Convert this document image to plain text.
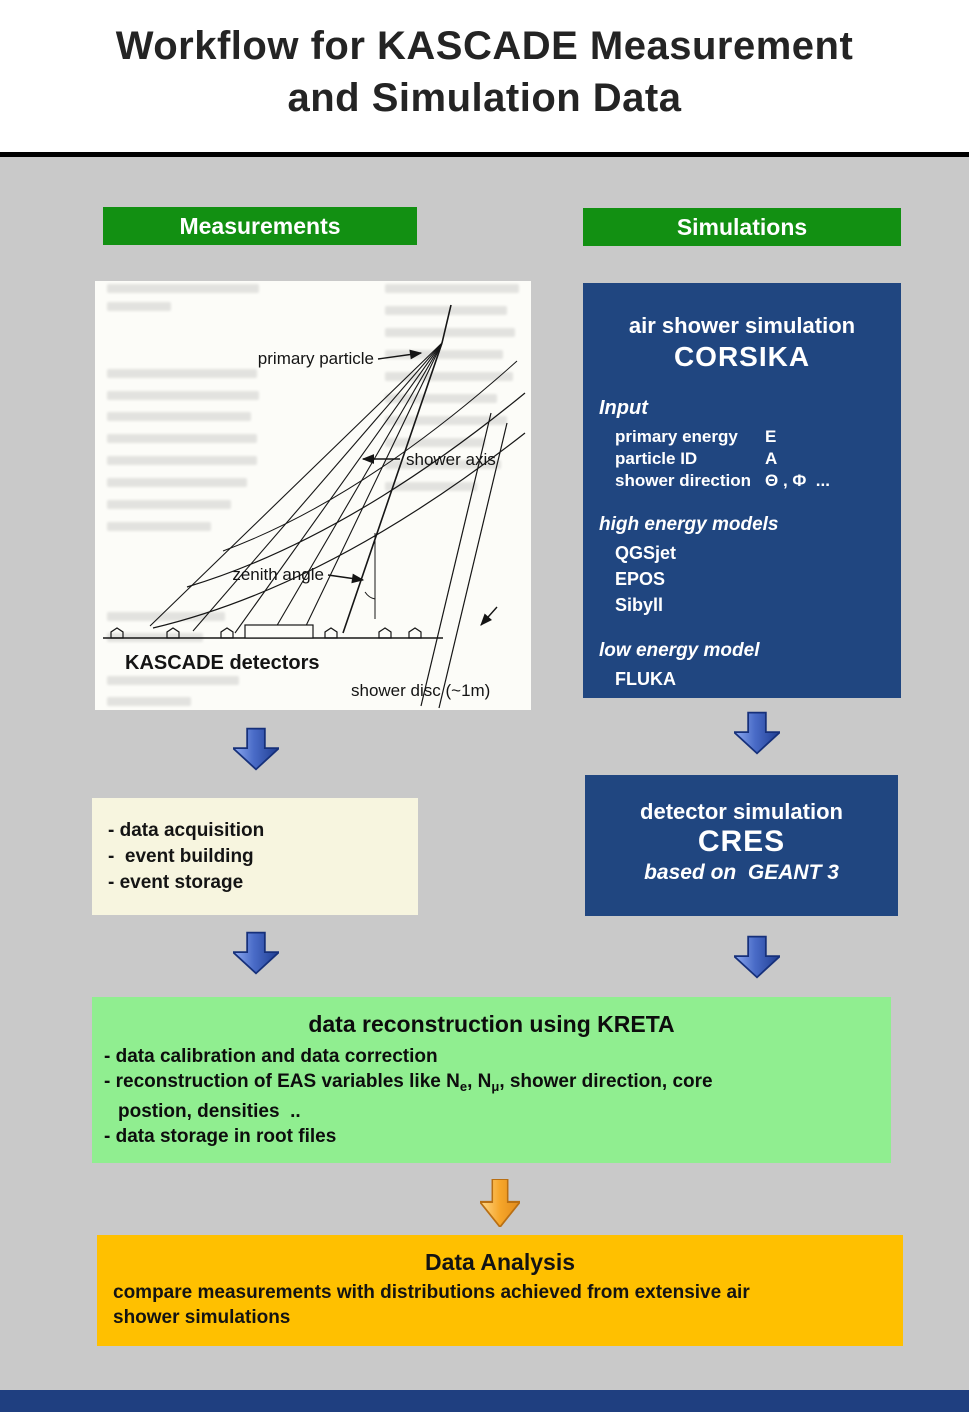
Workflow for KASCADE Measurement
and Simulation Data
Measurements	Simulations
primary particle
shower axis
zenith angle
KASCADE detectors
shower disc (~1m)
air shower simulation
CORSIKA
Input
primary energy	E
particle ID	A
shower direction Θ , Φ  ...
high energy models
QGSjet
EPOS
Sibyll
low energy model
FLUKA
- data acquisition
-  event building
- event storage
detector simulation
CRES
based on  GEANT 3
data reconstruction using KRETA
- data calibration and data correction
- reconstruction of EAS variables like $N_e$, $N_\mu$, shower direction, core
postion, densities  ..
- data storage in root files
Data Analysis
compare measurements with distributions achieved from extensive air shower simulations
